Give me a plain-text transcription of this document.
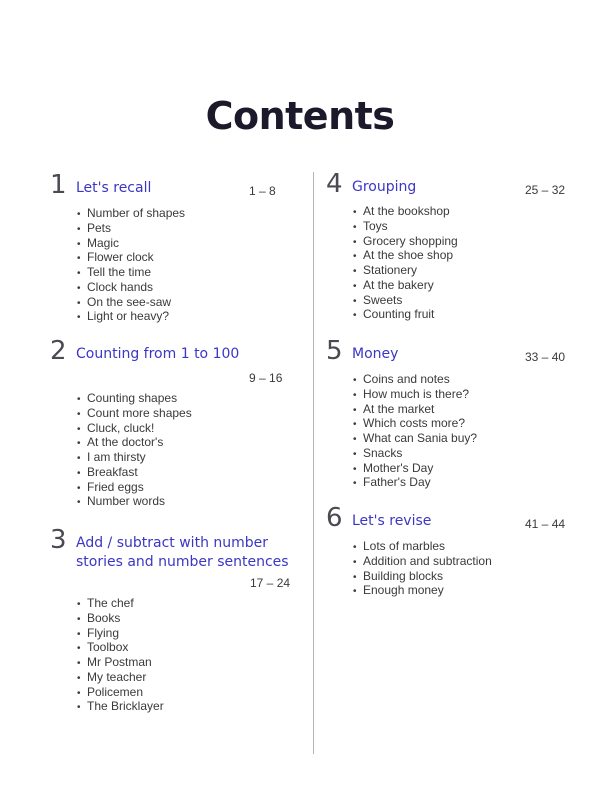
Contents
1 Let's recall	1 – 8
• Number of shapes
• Pets
• Magic
• Flower clock
• Tell the time
• Clock hands
• On the see-saw
• Light or heavy?
2 Counting from 1 to 100
9 – 16
• Counting shapes
• Count more shapes
• Cluck, cluck!
• At the doctor's
• I am thirsty
• Breakfast
• Fried eggs
• Number words
3 Add / subtract with number
stories and number sentences
17 – 24
• The chef
• Books
• Flying
• Toolbox
• Mr Postman
• My teacher
• Policemen
• The Bricklayer
4 Grouping	25 – 32
• At the bookshop
• Toys
• Grocery shopping
• At the shoe shop
• Stationery
• At the bakery
• Sweets
• Counting fruit
5 Money	33 – 40
• Coins and notes
• How much is there?
• At the market
• Which costs more?
• What can Sania buy?
• Snacks
• Mother's Day
• Father's Day
6 Let's revise	41 – 44
• Lots of marbles
• Addition and subtraction
• Building blocks
• Enough money
